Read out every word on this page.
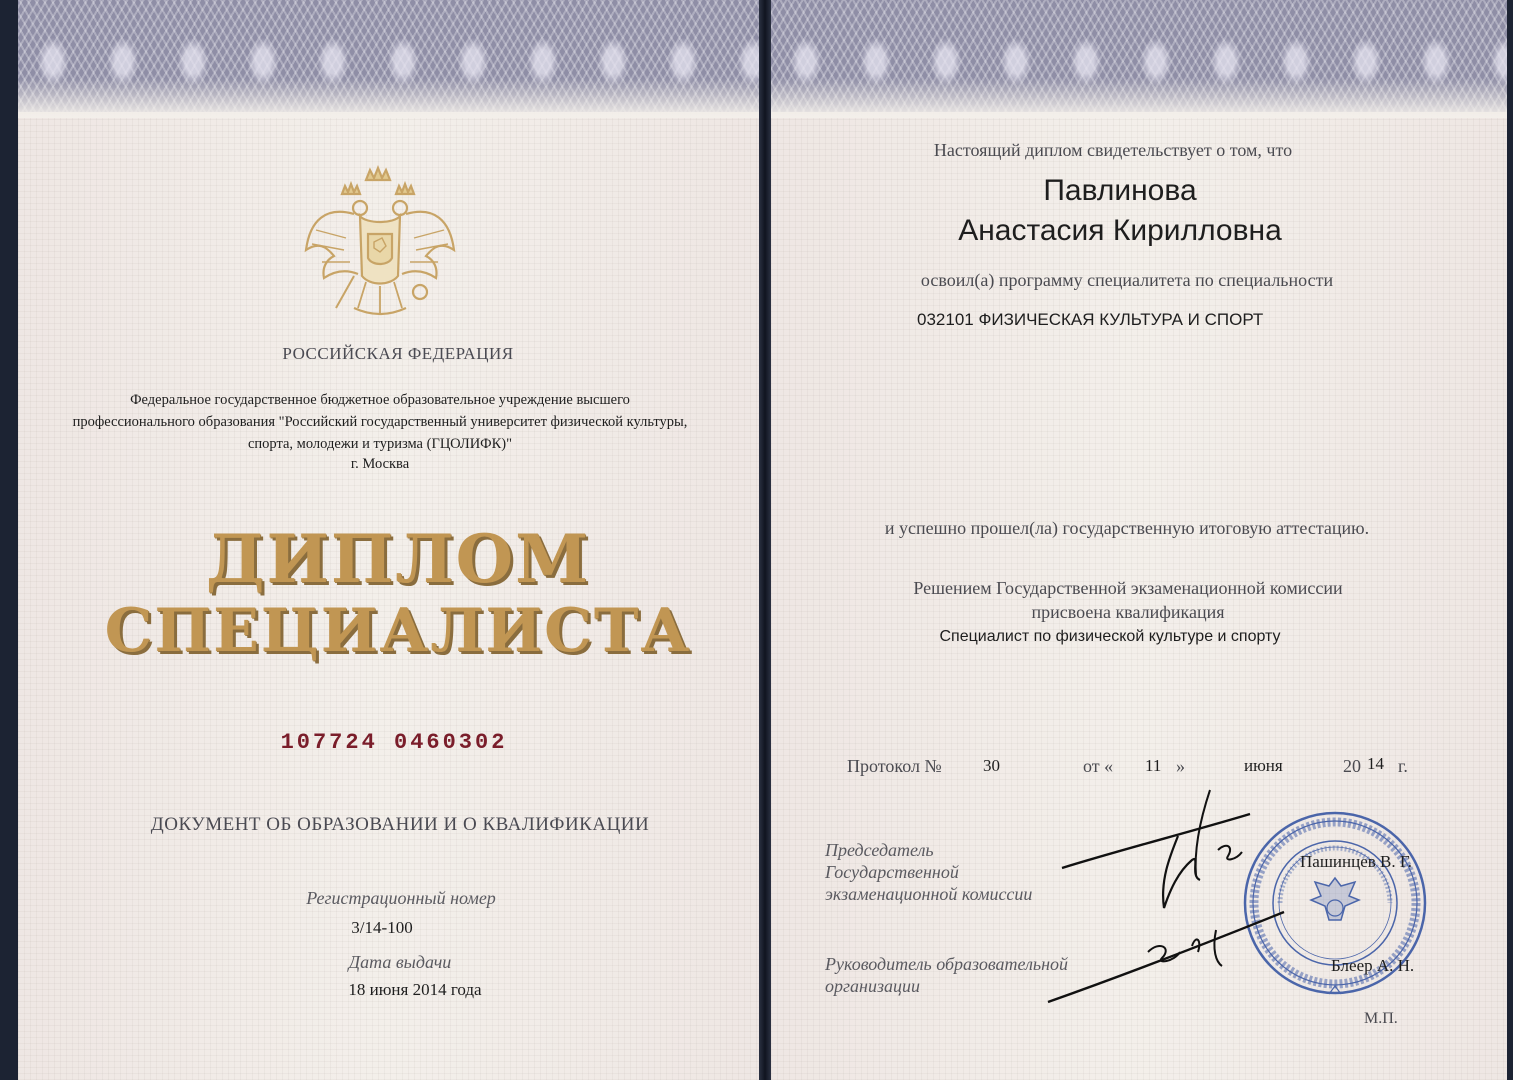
РОССИЙСКАЯ ФЕДЕРАЦИЯ
Федеральное государственное бюджетное образовательное учреждение высшего
профессионального образования "Российский государственный университет физической культуры,
спорта, молодежи и туризма (ГЦОЛИФК)"
г. Москва
ДИПЛОМ
СПЕЦИАЛИСТА
107724 0460302
ДОКУМЕНТ ОБ ОБРАЗОВАНИИ И О КВАЛИФИКАЦИИ
Регистрационный номер
3/14-100
Дата выдачи
18 июня 2014 года
Настоящий диплом свидетельствует о том, что
Павлинова
Анастасия Кирилловна
освоил(а) программу специалитета по специальности
032101 ФИЗИЧЕСКАЯ КУЛЬТУРА И СПОРТ
и успешно прошел(ла) государственную итоговую аттестацию.
Решением Государственной экзаменационной комиссии
присвоена квалификация
Специалист по физической культуре и спорту
Протокол № 30	от « 11 »	июня	20 14 г.
Председатель
Государственной
экзаменационной комиссии
Руководитель образовательной
организации
Пашинцев В. Г.
Блеер А. Н.
М.П.
